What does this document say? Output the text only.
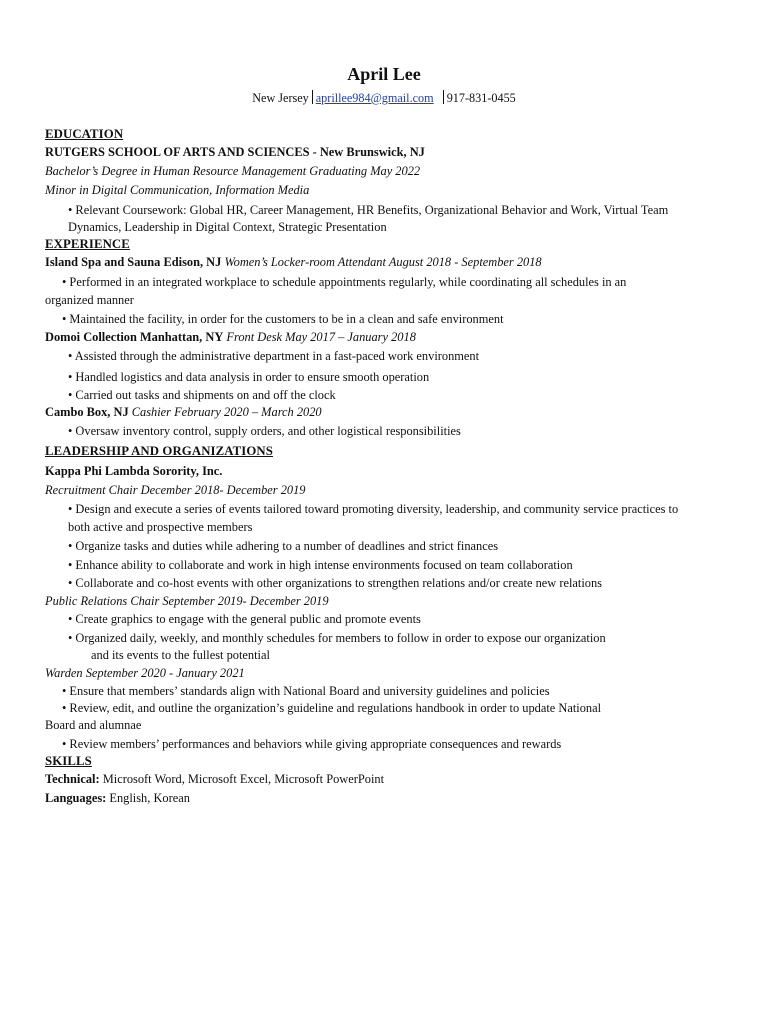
April Lee
New Jersey aprillee984@gmail.com 917-831-0455
EDUCATION
RUTGERS SCHOOL OF ARTS AND SCIENCES - New Brunswick, NJ
Bachelor’s Degree in Human Resource Management Graduating May 2022
Minor in Digital Communication, Information Media
• Relevant Coursework: Global HR, Career Management, HR Benefits, Organizational Behavior and Work, Virtual Team
Dynamics, Leadership in Digital Context, Strategic Presentation
EXPERIENCE
Island Spa and Sauna Edison, NJ Women’s Locker-room Attendant August 2018 - September 2018
• Performed in an integrated workplace to schedule appointments regularly, while coordinating all schedules in an
organized manner
• Maintained the facility, in order for the customers to be in a clean and safe environment
Domoi Collection Manhattan, NY Front Desk May 2017 – January 2018
• Assisted through the administrative department in a fast-paced work environment
• Handled logistics and data analysis in order to ensure smooth operation
• Carried out tasks and shipments on and off the clock
Cambo Box, NJ Cashier February 2020 – March 2020
• Oversaw inventory control, supply orders, and other logistical responsibilities
LEADERSHIP AND ORGANIZATIONS
Kappa Phi Lambda Sorority, Inc.
Recruitment Chair December 2018- December 2019
• Design and execute a series of events tailored toward promoting diversity, leadership, and community service practices to
both active and prospective members
• Organize tasks and duties while adhering to a number of deadlines and strict finances
• Enhance ability to collaborate and work in high intense environments focused on team collaboration
• Collaborate and co-host events with other organizations to strengthen relations and/or create new relations
Public Relations Chair September 2019- December 2019
• Create graphics to engage with the general public and promote events
• Organized daily, weekly, and monthly schedules for members to follow in order to expose our organization
and its events to the fullest potential
Warden September 2020 - January 2021
• Ensure that members’ standards align with National Board and university guidelines and policies
• Review, edit, and outline the organization’s guideline and regulations handbook in order to update National
Board and alumnae
• Review members’ performances and behaviors while giving appropriate consequences and rewards
SKILLS
Technical: Microsoft Word, Microsoft Excel, Microsoft PowerPoint
Languages: English, Korean
